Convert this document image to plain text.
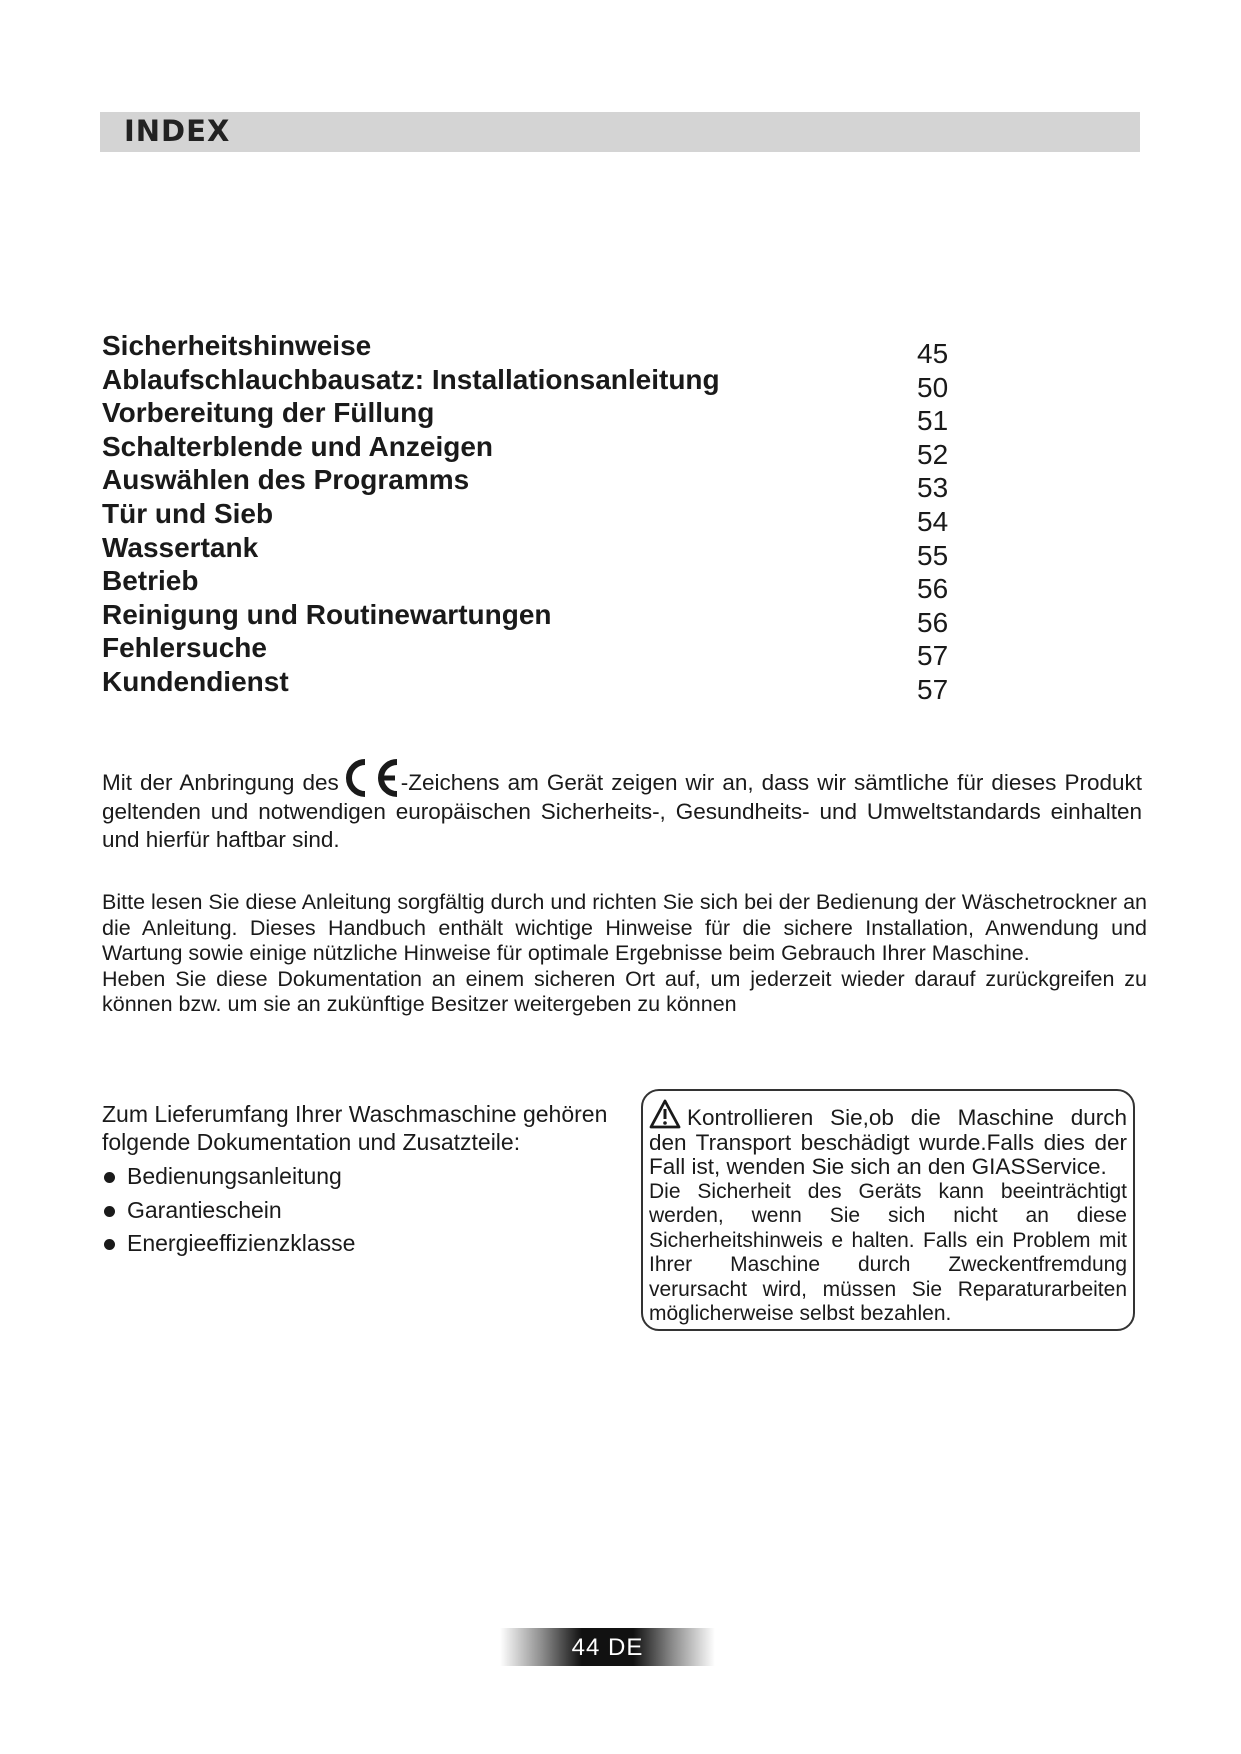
INDEX
Sicherheitshinweise	45
Ablaufschlauchbausatz: Installationsanleitung	50
Vorbereitung der Füllung	51
Schalterblende und Anzeigen	52
Auswählen des Programms	53
Tür und Sieb	54
Wassertank	55
Betrieb	56
Reinigung und Routinewartungen	56
Fehlersuche	57
Kundendienst	57
Mit der Anbringung des	-Zeichens am Gerät zeigen wir an, dass wir sämtliche für dieses Produkt geltenden und notwendigen europäischen Sicherheits-, Gesundheits- und Umweltstandards einhalten und hierfür haftbar sind.

Bitte lesen Sie diese Anleitung sorgfältig durch und richten Sie sich bei der Bedienung der Wäschetrockner an die Anleitung. Dieses Handbuch enthält wichtige Hinweise für die sichere Installation, Anwendung und Wartung sowie einige nützliche Hinweise für optimale Ergebnisse beim Gebrauch Ihrer Maschine.

Heben Sie diese Dokumentation an einem sicheren Ort auf, um jederzeit wieder darauf zurückgreifen zu können bzw. um sie an zukünftige Besitzer weitergeben zu können

Zum Lieferumfang Ihrer Waschmaschine gehören folgende Dokumentation und Zusatzteile:

Bedienungsanleitung
Garantieschein
Energieeffizienzklasse

Kontrollieren Sie,ob die Maschine durch den Transport beschädigt wurde.Falls dies der Fall ist, wenden Sie sich an den GIASService.

Die Sicherheit des Geräts kann beeinträchtigt werden, wenn Sie sich nicht an diese Sicherheitshinweis e halten. Falls ein Problem mit Ihrer Maschine durch Zweckentfremdung verursacht wird, müssen Sie Reparaturarbeiten möglicherweise selbst bezahlen.

44 DE
